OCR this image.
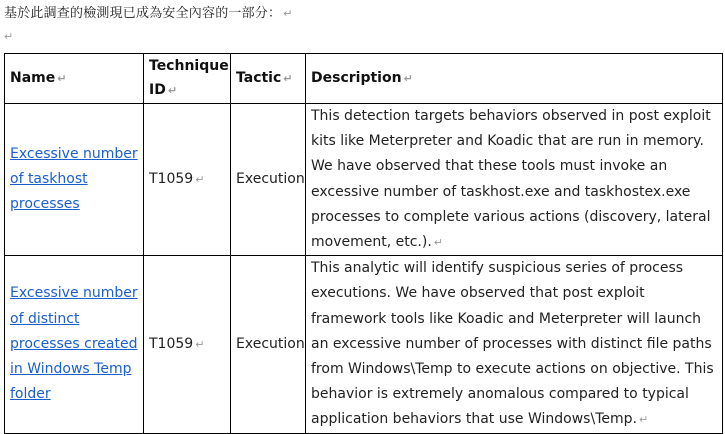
基於此調查的檢測現已成為安全內容的一部分： ↵
↵
Name ↵	Technique ID ↵	Tactic ↵	Description ↵
Excessive number of taskhost processes	T1059 ↵	Execution	This detection targets behaviors observed in post exploit kits like Meterpreter and Koadic that are run in memory. We have observed that these tools must invoke an excessive number of taskhost.exe and taskhostex.exe processes to complete various actions (discovery, lateral movement, etc.). ↵
Excessive number of distinct processes created in Windows Temp folder	T1059 ↵	Execution	This analytic will identify suspicious series of process executions. We have observed that post exploit framework tools like Koadic and Meterpreter will launch an excessive number of processes with distinct file paths from Windows\Temp to execute actions on objective. This behavior is extremely anomalous compared to typical application behaviors that use Windows\Temp. ↵
